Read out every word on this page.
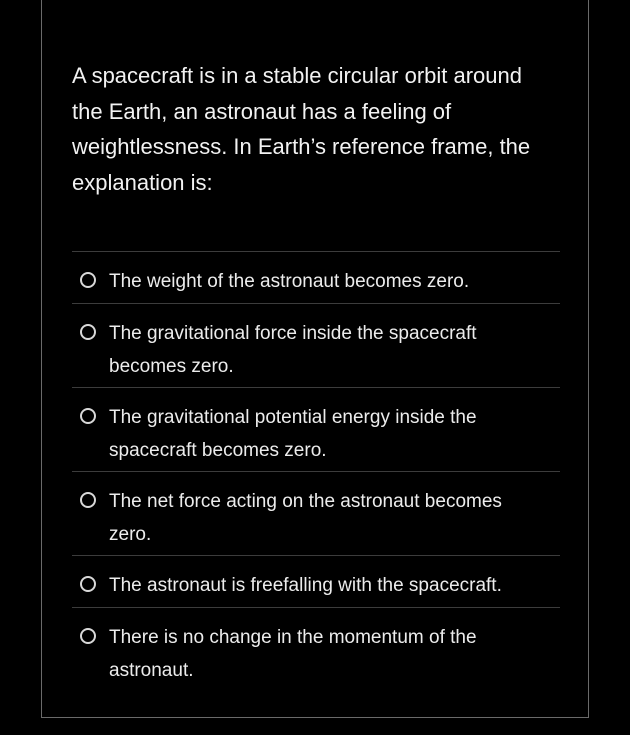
A spacecraft is in a stable circular orbit around the Earth, an astronaut has a feeling of weightlessness. In Earth’s reference frame, the explanation is:

The weight of the astronaut becomes zero.
The gravitational force inside the spacecraft becomes zero.
The gravitational potential energy inside the spacecraft becomes zero.
The net force acting on the astronaut becomes zero.
The astronaut is freefalling with the spacecraft.
There is no change in the momentum of the astronaut.
